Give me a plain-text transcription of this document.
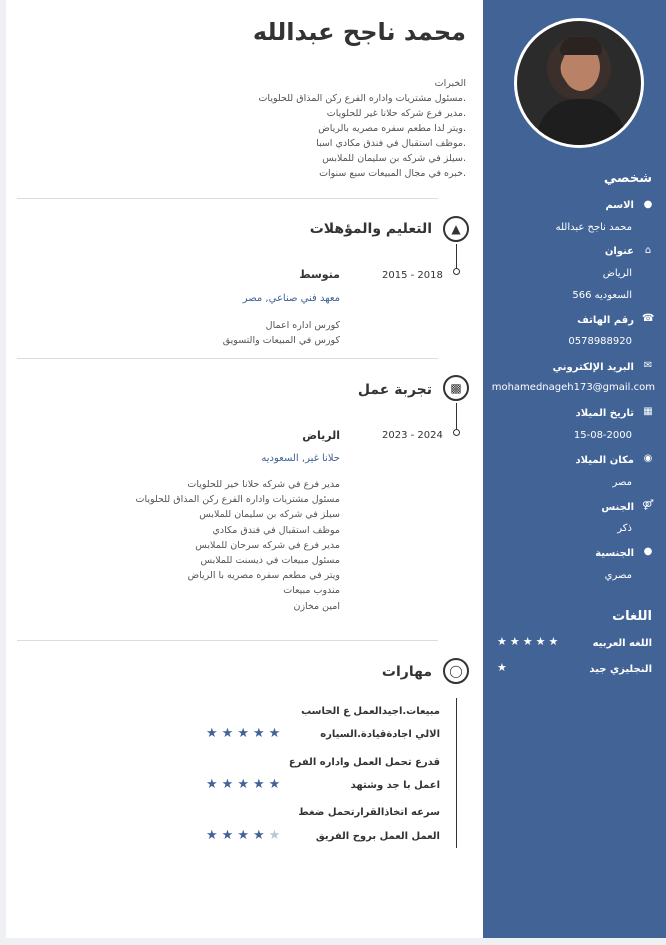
شخصي
●
الاسم
محمد ناجح عبدالله
⌂
عنوان
الرياض
566 السعوديه
☎
رقم الهاتف
0578988920
✉
البريد الإلكتروني
mohamednageh173@gmail.com
▦
تاريخ الميلاد
15-08-2000
◉
مكان الميلاد
مصر
⚤
الجنس
ذكر
●
الجنسية
مصري
اللغات
اللغه العربيه
★★★★★
النجليزي جيد
★
محمد ناجح عبدالله
الخبرات
.مسئول مشتريات واداره الفرع ركن المذاق للحلويات
.مدير فرع شركه حلانا غير للحلويات
.ويتر لدا مطعم سفره مصريه بالرياض
.موظف استقبال في فندق مكادي اسبا
.سيلز في شركه بن سليمان للملابس
.خبره في مجال المبيعات سبع سنوات
▲
التعليم والمؤهلات
2015 - 2018
متوسط
معهد فني صناعي, مصر
كورس اداره اعمال
كورس في المبيعات والتسويق
▩
تجربة عمل
2023 - 2024
الرياض
حلانا غير, السعوديه
مدير فرع في شركه حلانا خير للحلويات
مسئول مشتريات واداره الفرع ركن المذاق للحلويات
سيلز في شركه بن سليمان للملابس
موظف استقبال في فندق مكادي
مدير فرع في شركه سرحان للملابس
مسئول مبيعات في ديسنت للملابس
ويتر في مطعم سفره مصريه با الرياض
مندوب مبيعات
امين مخازن
◯
مهارات
مبيعات.اجيدالعمل ع الحاسب
الالي اجادةقيادة.السياره
★★★★★
قدرع تحمل العمل واداره الفرع
اعمل با جد وشتهد
★★★★★
سرعه اتخاذالقرارتحمل ضغط
العمل العمل بروح الفريق
★★★★★
